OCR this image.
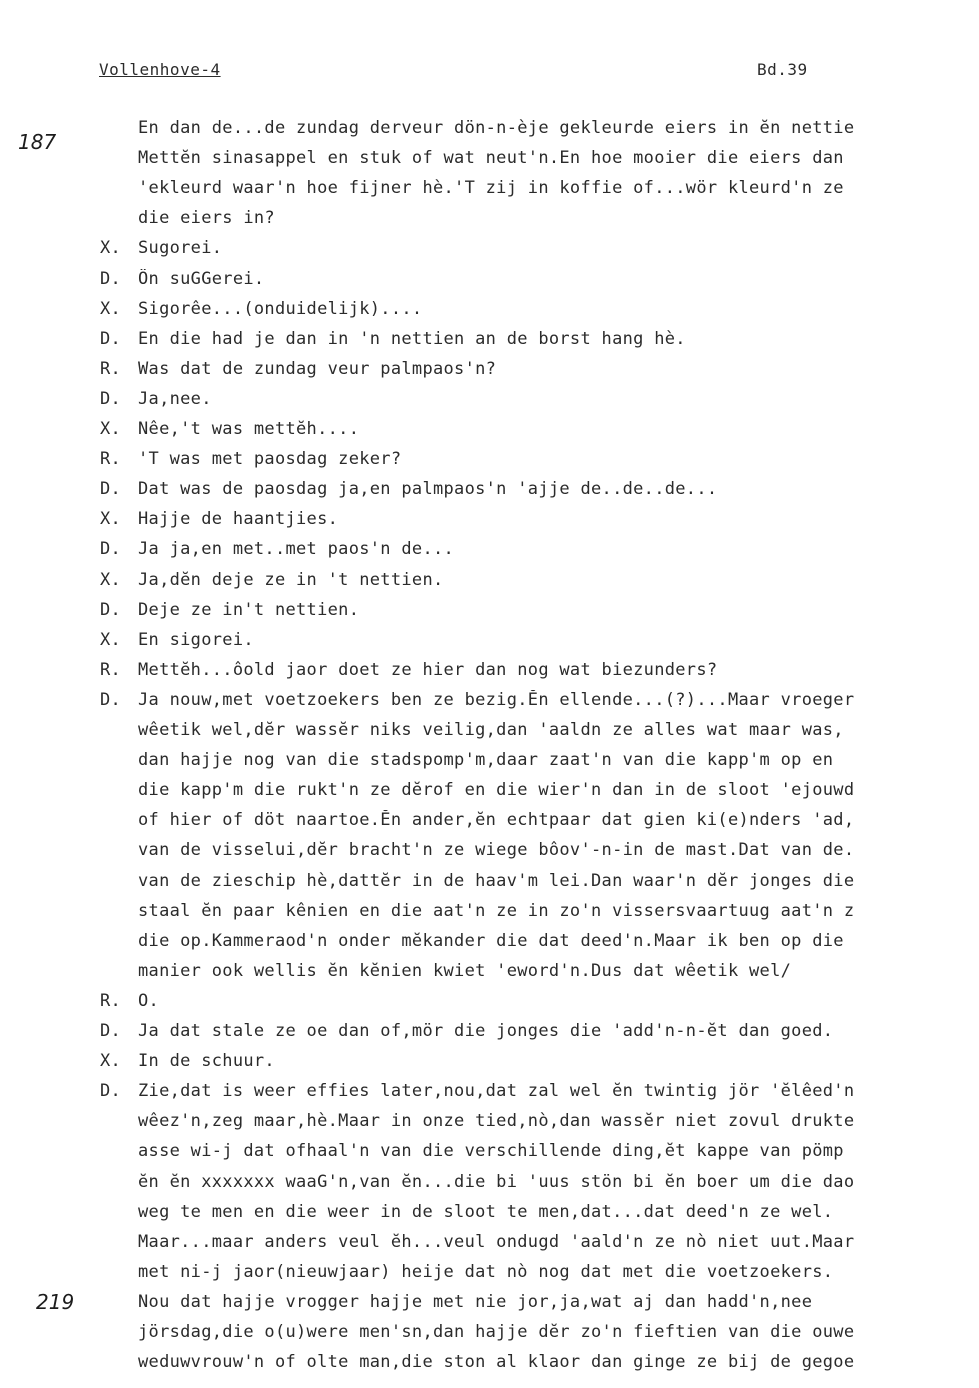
Vollenhove-4	Bd.39
187
219
En dan de...de zundag derveur dön-n-èje gekleurde eiers in ĕn nettie
Mettĕn sinasappel en stuk of wat neut'n.En hoe mooier die eiers dan
'ekleurd waar'n hoe fijner hè.'T zij in koffie of...wör kleurd'n ze
die eiers in?
X. Sugorei.
D. Ön suGGerei.
X. Sigorêe...(onduidelijk)....
D. En die had je dan in 'n nettien an de borst hang hè.
R. Was dat de zundag veur palmpaos'n?
D. Ja,nee.
X. Nêe,'t was mettĕh....
R. 'T was met paosdag zeker?
D. Dat was de paosdag ja,en palmpaos'n 'ajje de..de..de...
X. Hajje de haantjies.
D. Ja ja,en met..met paos'n de...
X. Ja,dĕn deje ze in 't nettien.
D. Deje ze in't nettien.
X. En sigorei.
R. Mettĕh...ôold jaor doet ze hier dan nog wat biezunders?
D. Ja nouw,met voetzoekers ben ze bezig.Ĕn ellende...(?)...Maar vroeger
wêetik wel,dĕr wassĕr niks veilig,dan 'aaldn ze alles wat maar was,
dan hajje nog van die stadspomp'm,daar zaat'n van die kapp'm op en
die kapp'm die rukt'n ze dĕrof en die wier'n dan in de sloot 'ejouwd
of hier of döt naartoe.Ĕn ander,ĕn echtpaar dat gien ki(e)nders 'ad,
van de visselui,dĕr bracht'n ze wiege bôov'-n-in de mast.Dat van de.
van de zieschip hè,dattĕr in de haav'm lei.Dan waar'n dĕr jonges die
staal ĕn paar kênien en die aat'n ze in zo'n vissersvaartuug aat'n z
die op.Kammeraod'n onder mĕkander die dat deed'n.Maar ik ben op die
manier ook wellis ĕn kĕnien kwiet 'eword'n.Dus dat wêetik wel/
R. O.
D. Ja dat stale ze oe dan of,mör die jonges die 'add'n-n-ĕt dan goed.
X. In de schuur.
D. Zie,dat is weer effies later,nou,dat zal wel ĕn twintig jör 'ĕlêed'n
wêez'n,zeg maar,hè.Maar in onze tied,nò,dan wassĕr niet zovul drukte
asse wi-j dat ofhaal'n van die verschillende ding,ĕt kappe van pömp
ĕn ĕn xxxxxxx waaG'n,van ĕn...die bi 'uus stön bi ĕn boer um die dao
weg te men en die weer in de sloot te men,dat...dat deed'n ze wel.
Maar...maar anders veul ĕh...veul ondugd 'aald'n ze nò niet uut.Maar
met ni-j jaor(nieuwjaar) heije dat nò nog dat met die voetzoekers.
Nou dat hajje vrogger hajje met nie jor,ja,wat aj dan hadd'n,nee
jörsdag,die o(u)were men'sn,dan hajje dĕr zo'n fieftien van die ouwe
weduwvrouw'n of olte man,die ston al klaor dan ginge ze bij de gegoe
